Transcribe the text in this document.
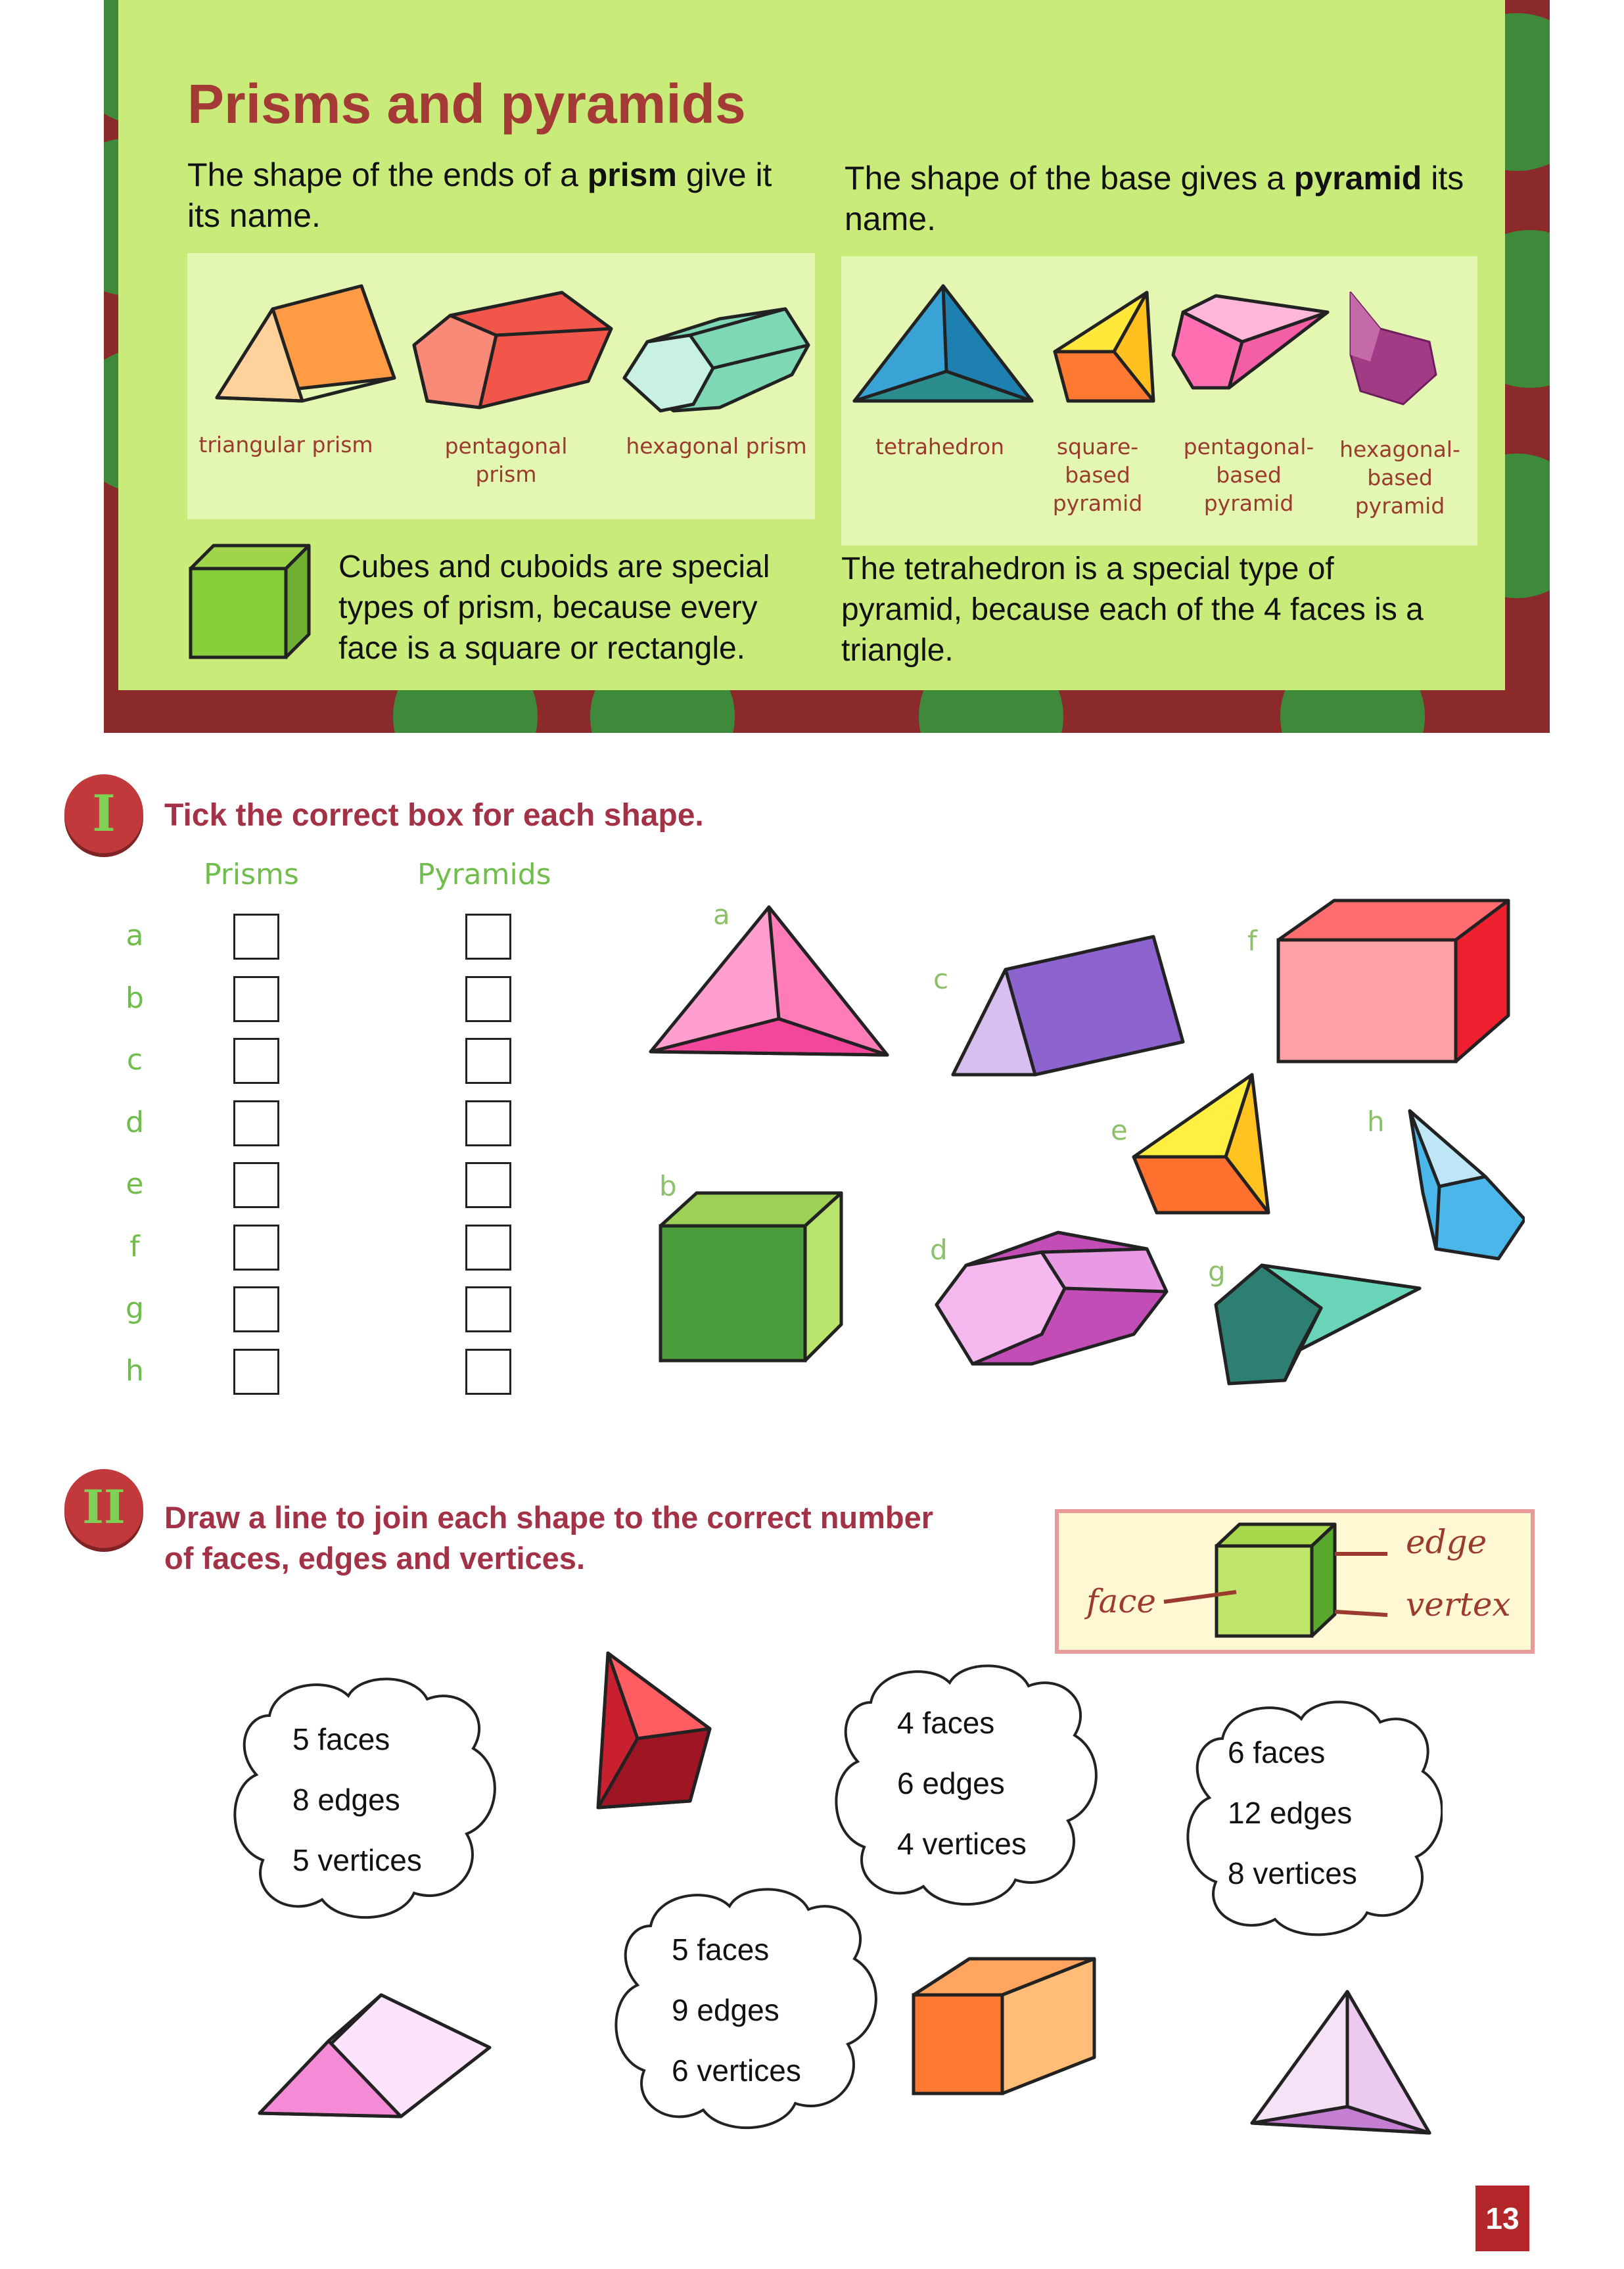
Prisms and pyramids
The shape of the ends of a prism give it its name.
The shape of the base gives a pyramid its name.
triangular prism	pentagonal prism
hexagonal prism	tetrahedron	square-based pyramid
pentagonal-based pyramid
hexagonal-based pyramid
Cubes and cuboids are special types of prism, because every face is a square or rectangle.
The tetrahedron is a special type of pyramid, because each of the 4 faces is a triangle.
I	Tick the correct box for each shape.
Prisms	Pyramids
a
b
c
d
e
f
g
h
a
b
c
d
e
f
g
h
II	Draw a line to join each shape to the correct number of faces, edges and vertices.
face
edge
vertex
5 faces
8 edges
5 vertices
4 faces
6 edges
4 vertices
6 faces
12 edges
8 vertices
5 faces
9 edges
6 vertices
13
